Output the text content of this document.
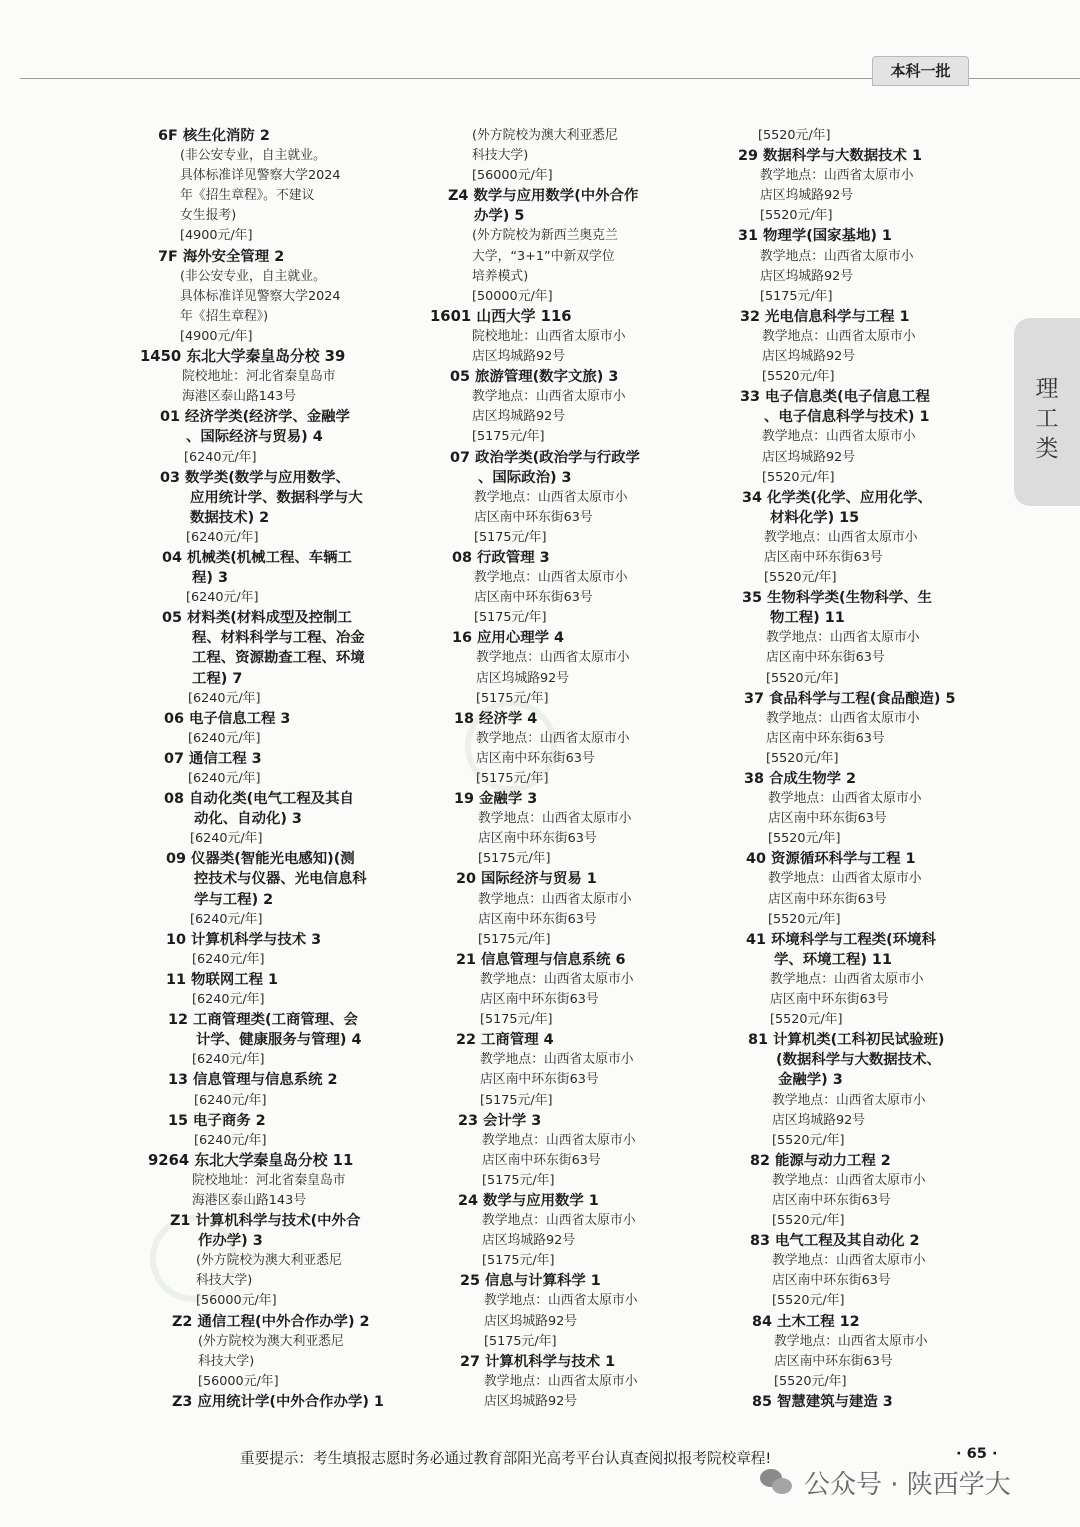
本科一批
理
工
类
6F 核生化消防 2
(非公安专业，自主就业。
具体标准详见警察大学2024
年《招生章程》。不建议
女生报考)
[4900元/年]
7F 海外安全管理 2
(非公安专业，自主就业。
具体标准详见警察大学2024
年《招生章程》)
[4900元/年]
1450 东北大学秦皇岛分校 39
院校地址：河北省秦皇岛市
海港区泰山路143号
01 经济学类(经济学、金融学
、国际经济与贸易) 4
[6240元/年]
03 数学类(数学与应用数学、
应用统计学、数据科学与大
数据技术) 2
[6240元/年]
04 机械类(机械工程、车辆工
程) 3
[6240元/年]
05 材料类(材料成型及控制工
程、材料科学与工程、冶金
工程、资源勘查工程、环境
工程) 7
[6240元/年]
06 电子信息工程 3
[6240元/年]
07 通信工程 3
[6240元/年]
08 自动化类(电气工程及其自
动化、自动化) 3
[6240元/年]
09 仪器类(智能光电感知)(测
控技术与仪器、光电信息科
学与工程) 2
[6240元/年]
10 计算机科学与技术 3
[6240元/年]
11 物联网工程 1
[6240元/年]
12 工商管理类(工商管理、会
计学、健康服务与管理) 4
[6240元/年]
13 信息管理与信息系统 2
[6240元/年]
15 电子商务 2
[6240元/年]
9264 东北大学秦皇岛分校 11
院校地址：河北省秦皇岛市
海港区泰山路143号
Z1 计算机科学与技术(中外合
作办学) 3
(外方院校为澳大利亚悉尼
科技大学)
[56000元/年]
Z2 通信工程(中外合作办学) 2
(外方院校为澳大利亚悉尼
科技大学)
[56000元/年]
Z3 应用统计学(中外合作办学) 1
(外方院校为澳大利亚悉尼
科技大学)
[56000元/年]
Z4 数学与应用数学(中外合作
办学) 5
(外方院校为新西兰奥克兰
大学，“3+1”中新双学位
培养模式)
[50000元/年]
1601 山西大学 116
院校地址：山西省太原市小
店区坞城路92号
05 旅游管理(数字文旅) 3
教学地点：山西省太原市小
店区坞城路92号
[5175元/年]
07 政治学类(政治学与行政学
、国际政治) 3
教学地点：山西省太原市小
店区南中环东街63号
[5175元/年]
08 行政管理 3
教学地点：山西省太原市小
店区南中环东街63号
[5175元/年]
16 应用心理学 4
教学地点：山西省太原市小
店区坞城路92号
[5175元/年]
18 经济学 4
教学地点：山西省太原市小
店区南中环东街63号
[5175元/年]
19 金融学 3
教学地点：山西省太原市小
店区南中环东街63号
[5175元/年]
20 国际经济与贸易 1
教学地点：山西省太原市小
店区南中环东街63号
[5175元/年]
21 信息管理与信息系统 6
教学地点：山西省太原市小
店区南中环东街63号
[5175元/年]
22 工商管理 4
教学地点：山西省太原市小
店区南中环东街63号
[5175元/年]
23 会计学 3
教学地点：山西省太原市小
店区南中环东街63号
[5175元/年]
24 数学与应用数学 1
教学地点：山西省太原市小
店区坞城路92号
[5175元/年]
25 信息与计算科学 1
教学地点：山西省太原市小
店区坞城路92号
[5175元/年]
27 计算机科学与技术 1
教学地点：山西省太原市小
店区坞城路92号
[5520元/年]
29 数据科学与大数据技术 1
教学地点：山西省太原市小
店区坞城路92号
[5520元/年]
31 物理学(国家基地) 1
教学地点：山西省太原市小
店区坞城路92号
[5175元/年]
32 光电信息科学与工程 1
教学地点：山西省太原市小
店区坞城路92号
[5520元/年]
33 电子信息类(电子信息工程
、电子信息科学与技术) 1
教学地点：山西省太原市小
店区坞城路92号
[5520元/年]
34 化学类(化学、应用化学、
材料化学) 15
教学地点：山西省太原市小
店区南中环东街63号
[5520元/年]
35 生物科学类(生物科学、生
物工程) 11
教学地点：山西省太原市小
店区南中环东街63号
[5520元/年]
37 食品科学与工程(食品酿造) 5
教学地点：山西省太原市小
店区南中环东街63号
[5520元/年]
38 合成生物学 2
教学地点：山西省太原市小
店区南中环东街63号
[5520元/年]
40 资源循环科学与工程 1
教学地点：山西省太原市小
店区南中环东街63号
[5520元/年]
41 环境科学与工程类(环境科
学、环境工程) 11
教学地点：山西省太原市小
店区南中环东街63号
[5520元/年]
81 计算机类(工科初民试验班)
(数据科学与大数据技术、
金融学) 3
教学地点：山西省太原市小
店区坞城路92号
[5520元/年]
82 能源与动力工程 2
教学地点：山西省太原市小
店区南中环东街63号
[5520元/年]
83 电气工程及其自动化 2
教学地点：山西省太原市小
店区南中环东街63号
[5520元/年]
84 土木工程 12
教学地点：山西省太原市小
店区南中环东街63号
[5520元/年]
85 智慧建筑与建造 3
重要提示：考生填报志愿时务必通过教育部阳光高考平台认真查阅拟报考院校章程!	· 65 ·
公众号 · 陕西学大
